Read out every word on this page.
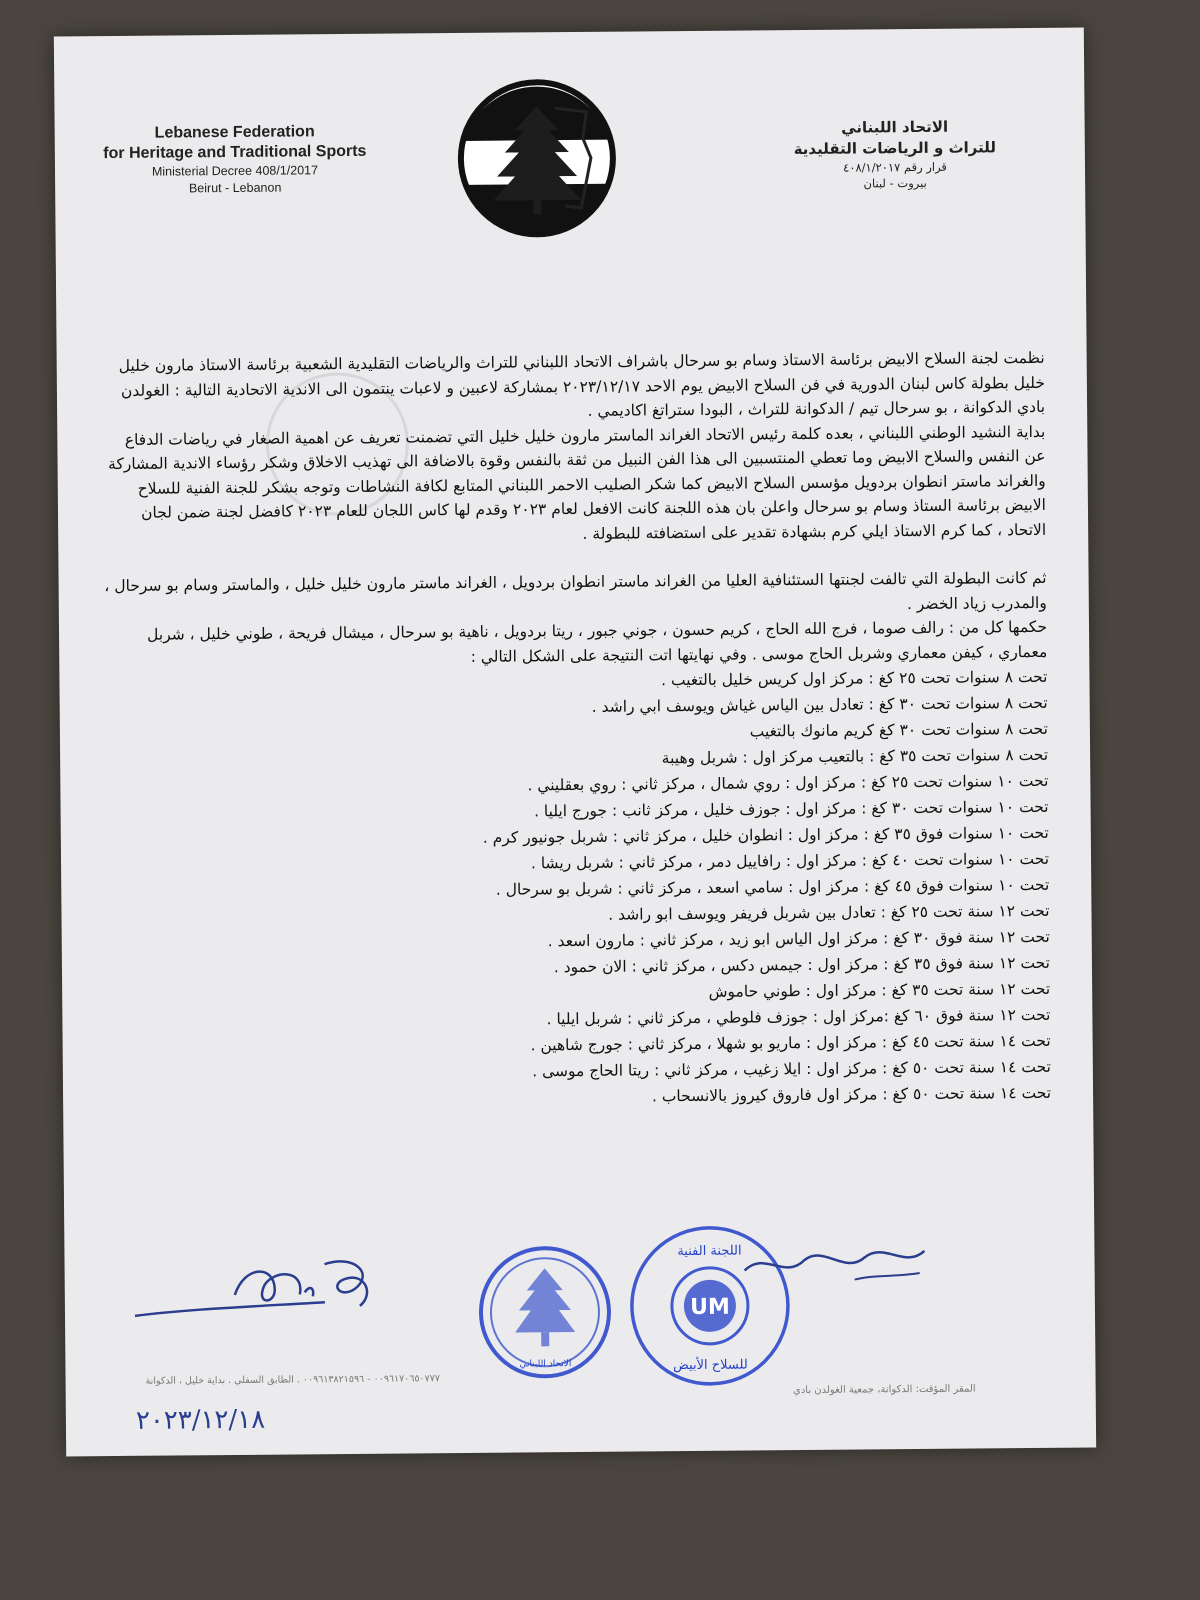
Lebanese Federation
for Heritage and Traditional Sports
Ministerial Decree 408/1/2017
Beirut - Lebanon
الاتحاد اللبناني
للتراث و الرياضات التقليدية
قرار رقم ٤٠٨/١/٢٠١٧
بيروت - لبنان

نظمت لجنة السلاح الابيض برئاسة الاستاذ وسام بو سرحال باشراف الاتحاد اللبناني للتراث والرياضات التقليدية الشعبية برئاسة الاستاذ مارون خليل خليل بطولة كاس لبنان الدورية في فن السلاح الابيض يوم الاحد ٢٠٢٣/١٢/١٧ بمشاركة لاعبين و لاعبات ينتمون الى الاندية الاتحادية التالية : الغولدن بادي الدكوانة ، بو سرحال تيم / الدكوانة للتراث ، البودا ستراتغ اكاديمي .

بداية النشيد الوطني اللبناني ، بعده كلمة رئيس الاتحاد الغراند الماستر مارون خليل خليل التي تضمنت تعريف عن اهمية الصغار في رياضات الدفاع عن النفس والسلاح الابيض وما تعطي المنتسبين الى هذا الفن النبيل من ثقة بالنفس وقوة بالاضافة الى تهذيب الاخلاق وشكر رؤساء الاندية المشاركة والغراند ماستر انطوان بردويل مؤسس السلاح الابيض كما شكر الصليب الاحمر اللبناني المتابع لكافة النشاطات وتوجه بشكر للجنة الفنية للسلاح الابيض برئاسة الستاذ وسام بو سرحال واعلن بان هذه اللجنة كانت الافعل لعام ٢٠٢٣ وقدم لها كاس اللجان للعام ٢٠٢٣ كافضل لجنة ضمن لجان الاتحاد ، كما كرم الاستاذ ايلي كرم بشهادة تقدير على استضافته للبطولة .

ثم كانت البطولة التي تالفت لجنتها الستئنافية العليا من الغراند ماستر انطوان بردويل ، الغراند ماستر مارون خليل خليل ، والماستر وسام بو سرحال ، والمدرب زياد الخضر .

حكمها كل من : رالف صوما ، فرج الله الحاج ، كريم حسون ، جوني جبور ، ريتا بردويل ، ناهية بو سرحال ، ميشال فريحة ، طوني خليل ، شربل معماري ، كيفن معماري وشربل الحاج موسى . وفي نهايتها اتت النتيجة على الشكل التالي :

تحت ٨ سنوات تحت ٢٥ كغ : مركز اول كريس خليل بالتغيب .
تحت ٨ سنوات تحت ٣٠ كغ : تعادل بين الياس غياش ويوسف ابي راشد .
تحت ٨ سنوات تحت ٣٠ كغ كريم مانوك بالتغيب
تحت ٨ سنوات تحت ٣٥ كغ : بالتعيب مركز اول : شربل وهيبة
تحت ١٠ سنوات تحت ٢٥ كغ : مركز اول : روي شمال ، مركز ثاني : روي بعقليني .
تحت ١٠ سنوات تحت ٣٠ كغ : مركز اول : جوزف خليل ، مركز ثانب : جورج ايليا .
تحت ١٠ سنوات فوق ٣٥ كغ : مركز اول : انطوان خليل ، مركز ثاني : شربل جونيور كرم .
تحت ١٠ سنوات تحت ٤٠ كغ : مركز اول : رافاييل دمر ، مركز ثاني : شربل ريشا .
تحت ١٠ سنوات فوق ٤٥ كغ : مركز اول : سامي اسعد ، مركز ثاني : شربل بو سرحال .
تحت ١٢ سنة تحت ٢٥ كغ : تعادل بين شربل فريفر ويوسف ابو راشد .
تحت ١٢ سنة فوق ٣٠ كغ : مركز اول الياس ابو زيد ، مركز ثاني : مارون اسعد .
تحت ١٢ سنة فوق ٣٥ كغ : مركز اول : جيمس دكس ، مركز ثاني : الان حمود .
تحت ١٢ سنة تحت ٣٥ كغ : مركز اول : طوني حاموش
تحت ١٢ سنة فوق ٦٠ كغ :مركز اول : جوزف فلوطي ، مركز ثاني : شربل ايليا .
تحت ١٤ سنة تحت ٤٥ كغ : مركز اول : ماريو بو شهلا ، مركز ثاني : جورج شاهين .
تحت ١٤ سنة تحت ٥٠ كغ : مركز اول : ايلا زغيب ، مركز ثاني : ريتا الحاج موسى .
تحت ١٤ سنة تحت ٥٠ كغ : مركز اول فاروق كيروز بالانسحاب .
٢٠٢٣/١٢/١٨
الاتحاد اللبناني
UM
اللجنة الفنية
للسلاح الأبيض
٠٠٩٦١٧٠٦٥٠٧٧٧ - ٠٠٩٦١٣٨٢١٥٩٦ . الطابق السفلي . بداية خليل ، الدكوانة
المقر المؤقت: الدكوانة، جمعية الغولدن بادي
